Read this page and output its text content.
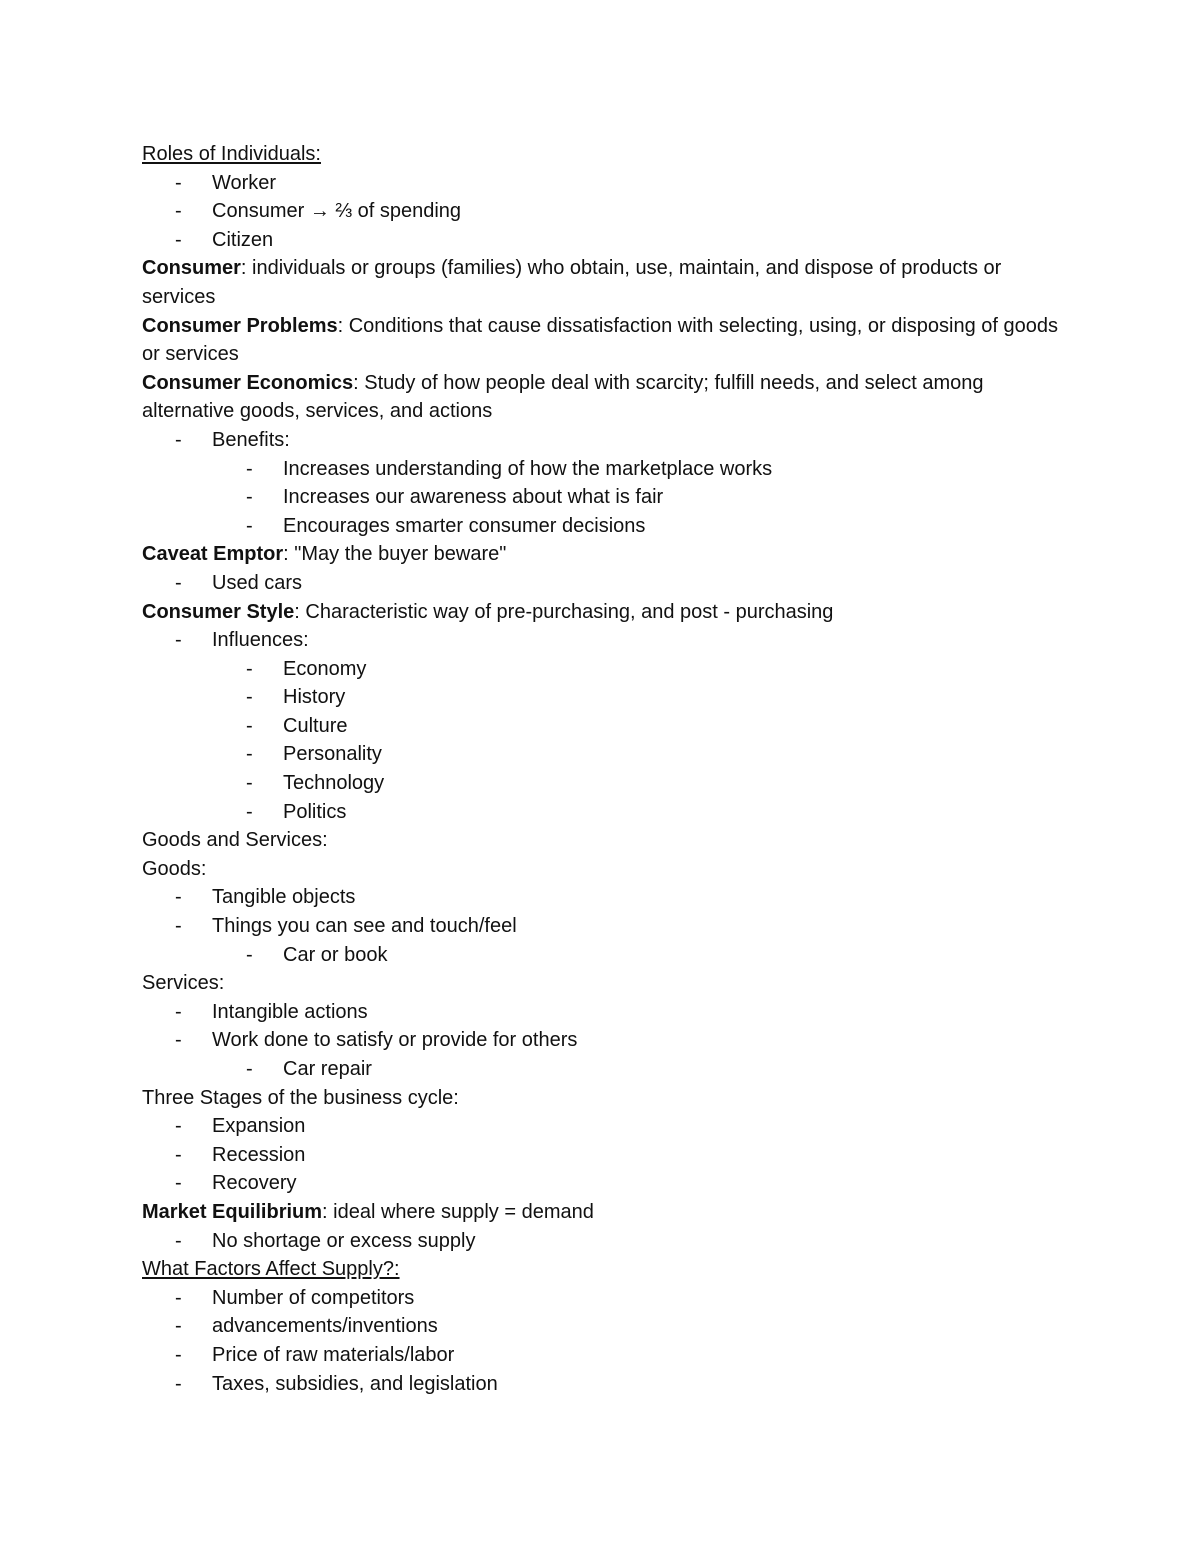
Roles of Individuals:
- Worker
- Consumer → ⅔ of spending
- Citizen
Consumer: individuals or groups (families) who obtain, use, maintain, and dispose of products or services
Consumer Problems: Conditions that cause dissatisfaction with selecting, using, or disposing of goods or services
Consumer Economics: Study of how people deal with scarcity; fulfill needs, and select among alternative goods, services, and actions
- Benefits:
- Increases understanding of how the marketplace works
- Increases our awareness about what is fair
- Encourages smarter consumer decisions
Caveat Emptor: "May the buyer beware"
- Used cars
Consumer Style: Characteristic way of pre-purchasing, and post - purchasing
- Influences:
- Economy
- History
- Culture
- Personality
- Technology
- Politics
Goods and Services:
Goods:
- Tangible objects
- Things you can see and touch/feel
- Car or book
Services:
- Intangible actions
- Work done to satisfy or provide for others
- Car repair
Three Stages of the business cycle:
- Expansion
- Recession
- Recovery
Market Equilibrium: ideal where supply = demand
- No shortage or excess supply
What Factors Affect Supply?:
- Number of competitors
- advancements/inventions
- Price of raw materials/labor
- Taxes, subsidies, and legislation
